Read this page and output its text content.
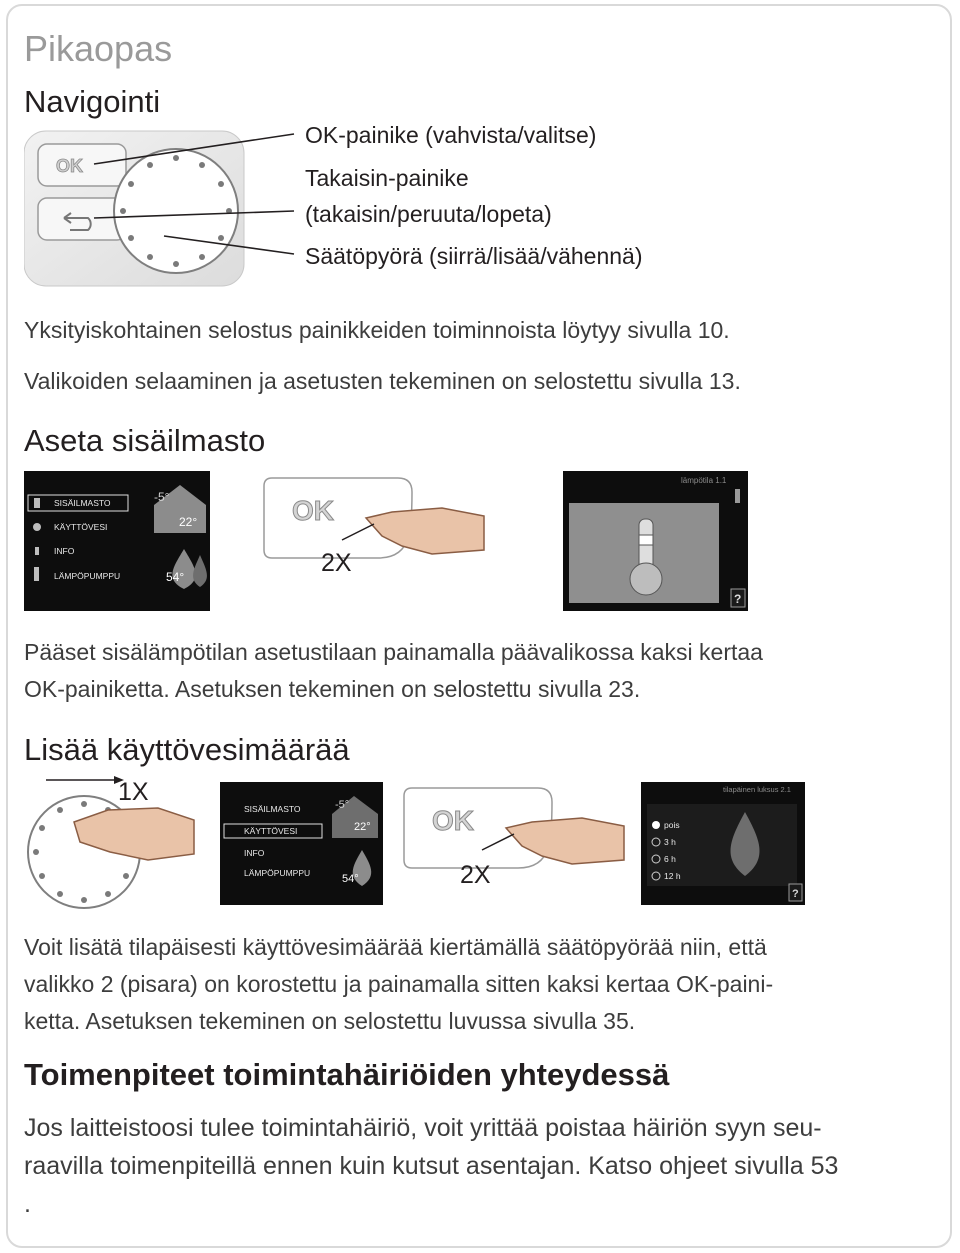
Pikaopas
Navigointi
OK
OK-painike (vahvista/valitse)
Takaisin-painike
(takaisin/peruuta/lopeta)
Säätöpyörä (siirrä/lisää/vähennä)
Yksityiskohtainen selostus painikkeiden toiminnoista löytyy sivulla 10.
Valikoiden selaaminen ja asetusten tekeminen on selostettu sivulla 13.
Aseta sisäilmasto
SISÄILMASTO
KÄYTTÖVESI
INFO
LÄMPÖPUMPPU
-5°
22°
54°
OK
2X
lämpötila 1.1
?
Pääset sisälämpötilan asetustilaan painamalla päävalikossa kaksi kertaa
OK-painiketta. Asetuksen tekeminen on selostettu sivulla 23.
Lisää käyttövesimäärää
1X
SISÄILMASTO
KÄYTTÖVESI
INFO
LÄMPÖPUMPPU
-5°
22°
54°
OK
2X
tilapäinen luksus 2.1
pois
3 h
6 h
12 h
?
Voit lisätä tilapäisesti käyttövesimäärää kiertämällä säätöpyörää niin, että
valikko 2 (pisara) on korostettu ja painamalla sitten kaksi kertaa OK-paini-
ketta. Asetuksen tekeminen on selostettu luvussa sivulla 35.
Toimenpiteet toimintahäiriöiden yhteydessä
Jos laitteistoosi tulee toimintahäiriö, voit yrittää poistaa häiriön syyn seu-
raavilla toimenpiteillä ennen kuin kutsut asentajan. Katso ohjeet sivulla 53
.
